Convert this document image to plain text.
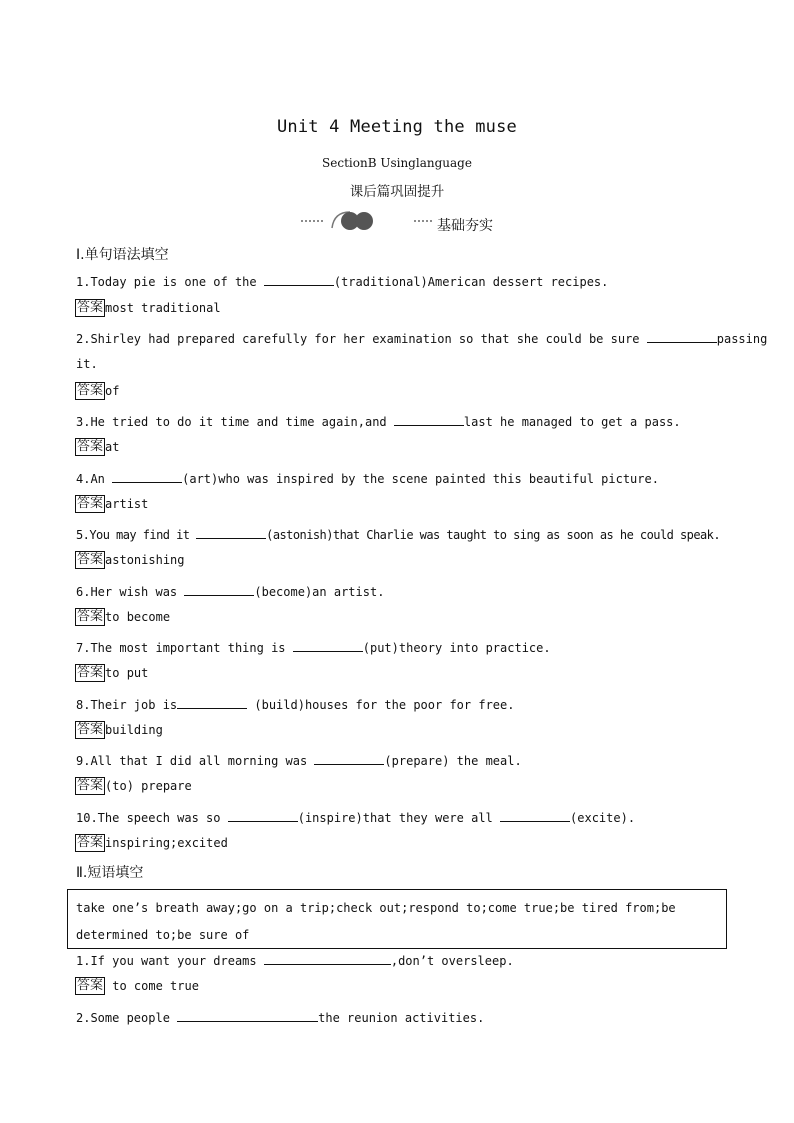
Unit 4 Meeting the muse
SectionB Usinglanguage
课后篇巩固提升
基础夯实
Ⅰ.单句语法填空
1.Today pie is one of the	(traditional)American dessert recipes.
答案 most traditional
2.Shirley had prepared carefully for her examination so that she could be sure	passing
it.
答案 of
3.He tried to do it time and time again,and	last he managed to get a pass.
答案 at
4.An	(art)who was inspired by the scene painted this beautiful picture.
答案 artist
5.You may find it	(astonish)that Charlie was taught to sing as soon as he could speak.
答案 astonishing
6.Her wish was	(become)an artist.
答案 to become
7.The most important thing is	(put)theory into practice.
答案 to put
8.Their job is	(build)houses for the poor for free.
答案 building
9.All that I did all morning was	(prepare) the meal.
答案 (to) prepare
10.The speech was so	(inspire)that they were all	(excite).
答案 inspiring;excited
Ⅱ.短语填空
take one’s breath away;go on a trip;check out;respond to;come true;be tired from;be determined to;be sure of
1.If you want your dreams	,don’t oversleep.
答案 to come true
2.Some people	the reunion activities.
